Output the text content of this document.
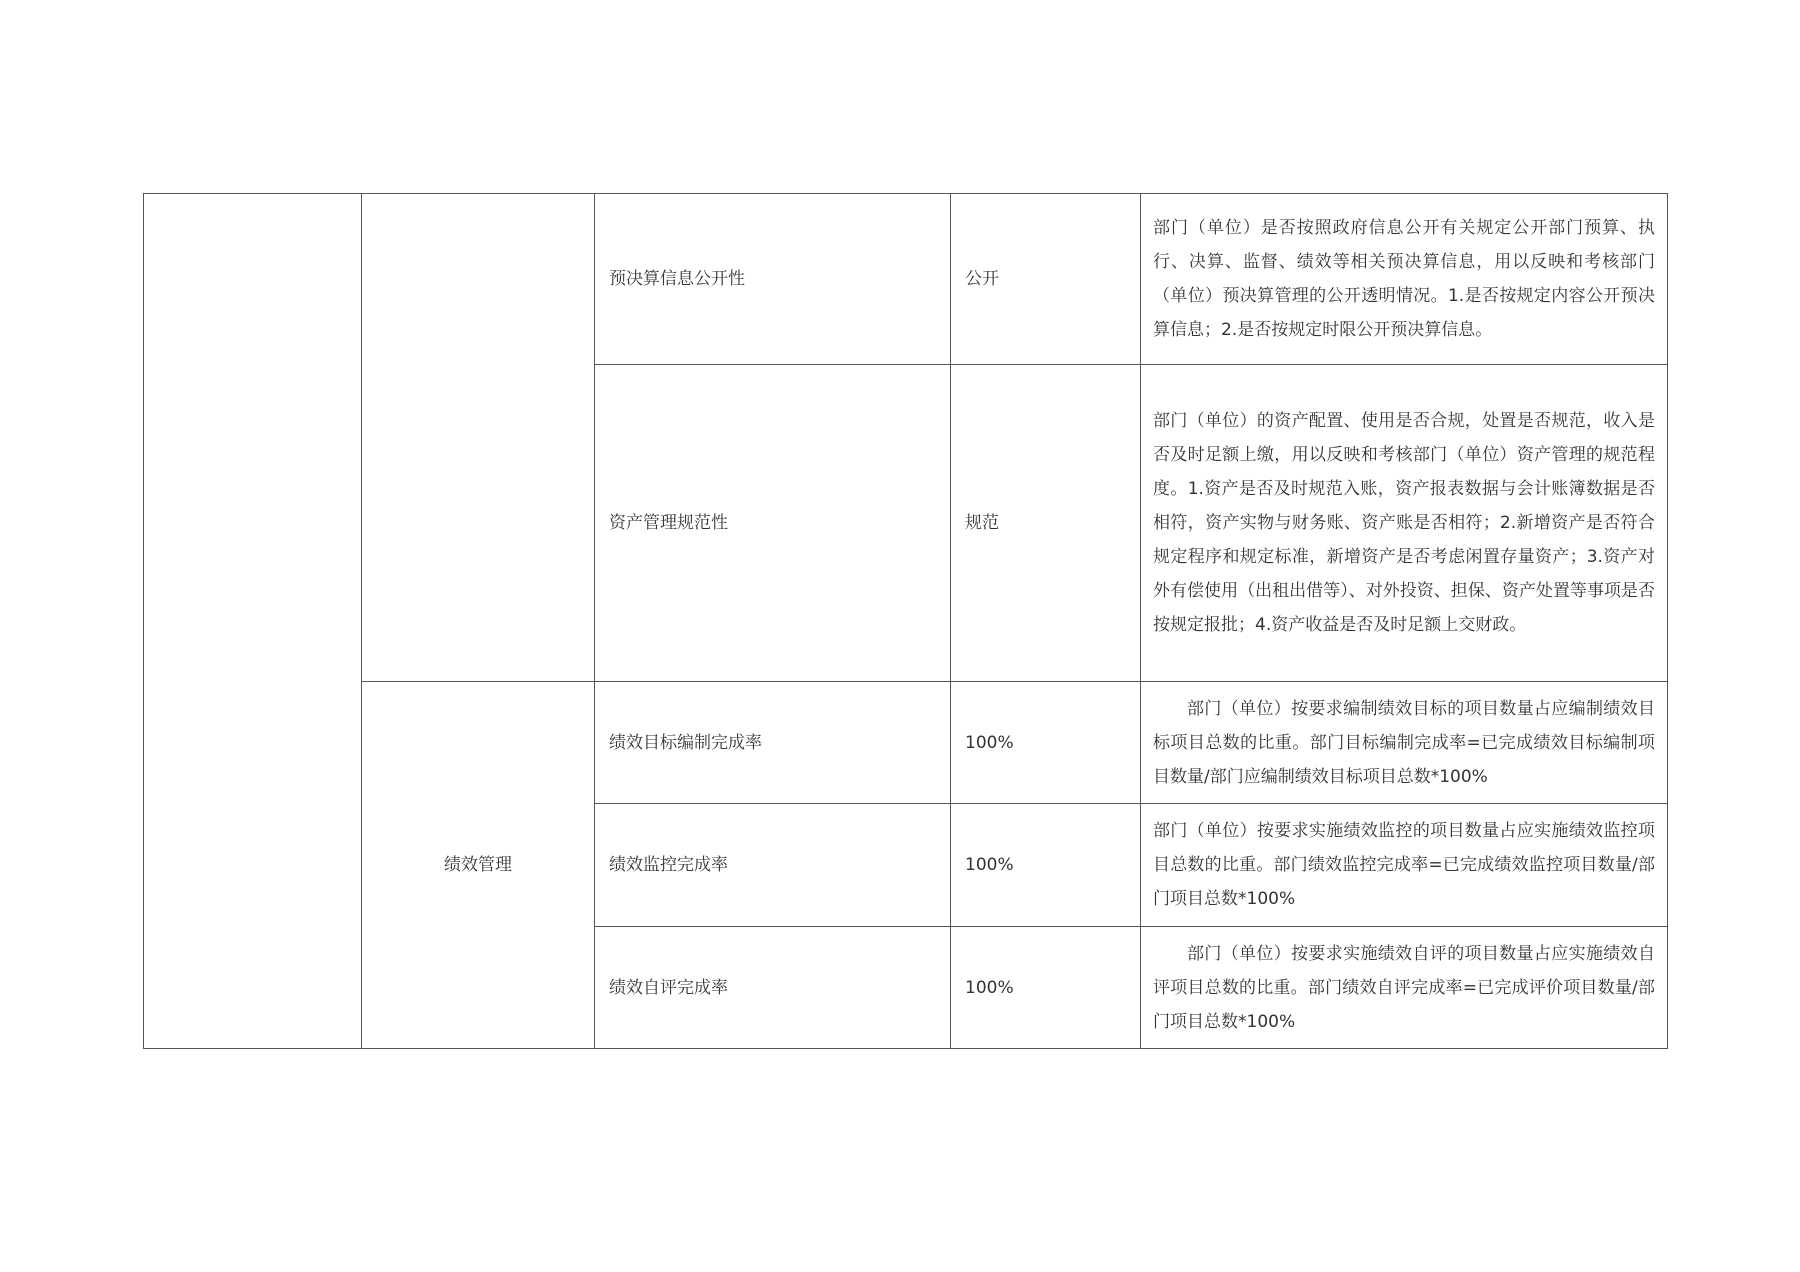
		预决算信息公开性	公开	部门（单位）是否按照政府信息公开有关规定公开部门预算、执行、决算、监督、绩效等相关预决算信息，用以反映和考核部门（单位）预决算管理的公开透明情况。1.是否按规定内容公开预决算信息；2.是否按规定时限公开预决算信息。
		资产管理规范性	规范	部门（单位）的资产配置、使用是否合规，处置是否规范，收入是否及时足额上缴，用以反映和考核部门（单位）资产管理的规范程度。1.资产是否及时规范入账，资产报表数据与会计账簿数据是否相符，资产实物与财务账、资产账是否相符；2.新增资产是否符合规定程序和规定标准，新增资产是否考虑闲置存量资产；3.资产对外有偿使用（出租出借等）、对外投资、担保、资产处置等事项是否按规定报批；4.资产收益是否及时足额上交财政。
	绩效管理	绩效目标编制完成率	100%	部门（单位）按要求编制绩效目标的项目数量占应编制绩效目标项目总数的比重。部门目标编制完成率=已完成绩效目标编制项目数量/部门应编制绩效目标项目总数*100%
		绩效监控完成率	100%	部门（单位）按要求实施绩效监控的项目数量占应实施绩效监控项目总数的比重。部门绩效监控完成率=已完成绩效监控项目数量/部门项目总数*100%
		绩效自评完成率	100%	部门（单位）按要求实施绩效自评的项目数量占应实施绩效自评项目总数的比重。部门绩效自评完成率=已完成评价项目数量/部门项目总数*100%
